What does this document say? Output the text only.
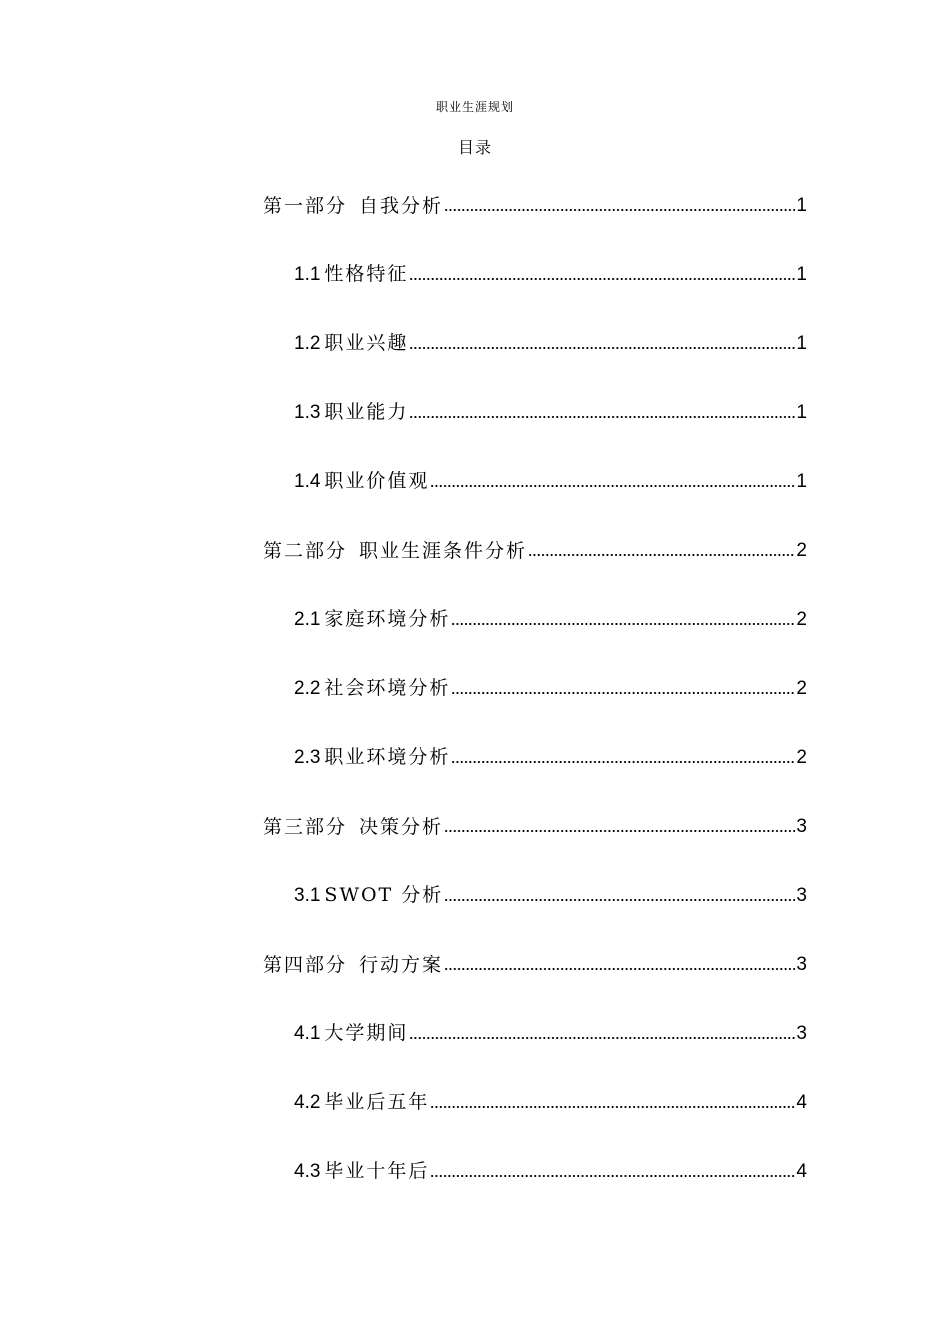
职业生涯规划
目录
第一部分 自我分析	1
1.1 性格特征	1
1.2 职业兴趣	1
1.3 职业能力	1
1.4 职业价值观	1
第二部分 职业生涯条件分析	2
2.1 家庭环境分析	2
2.2 社会环境分析	2
2.3 职业环境分析	2
第三部分 决策分析	3
3.1 SWOT 分析	3
第四部分 行动方案	3
4.1 大学期间	3
4.2 毕业后五年	4
4.3 毕业十年后	4
